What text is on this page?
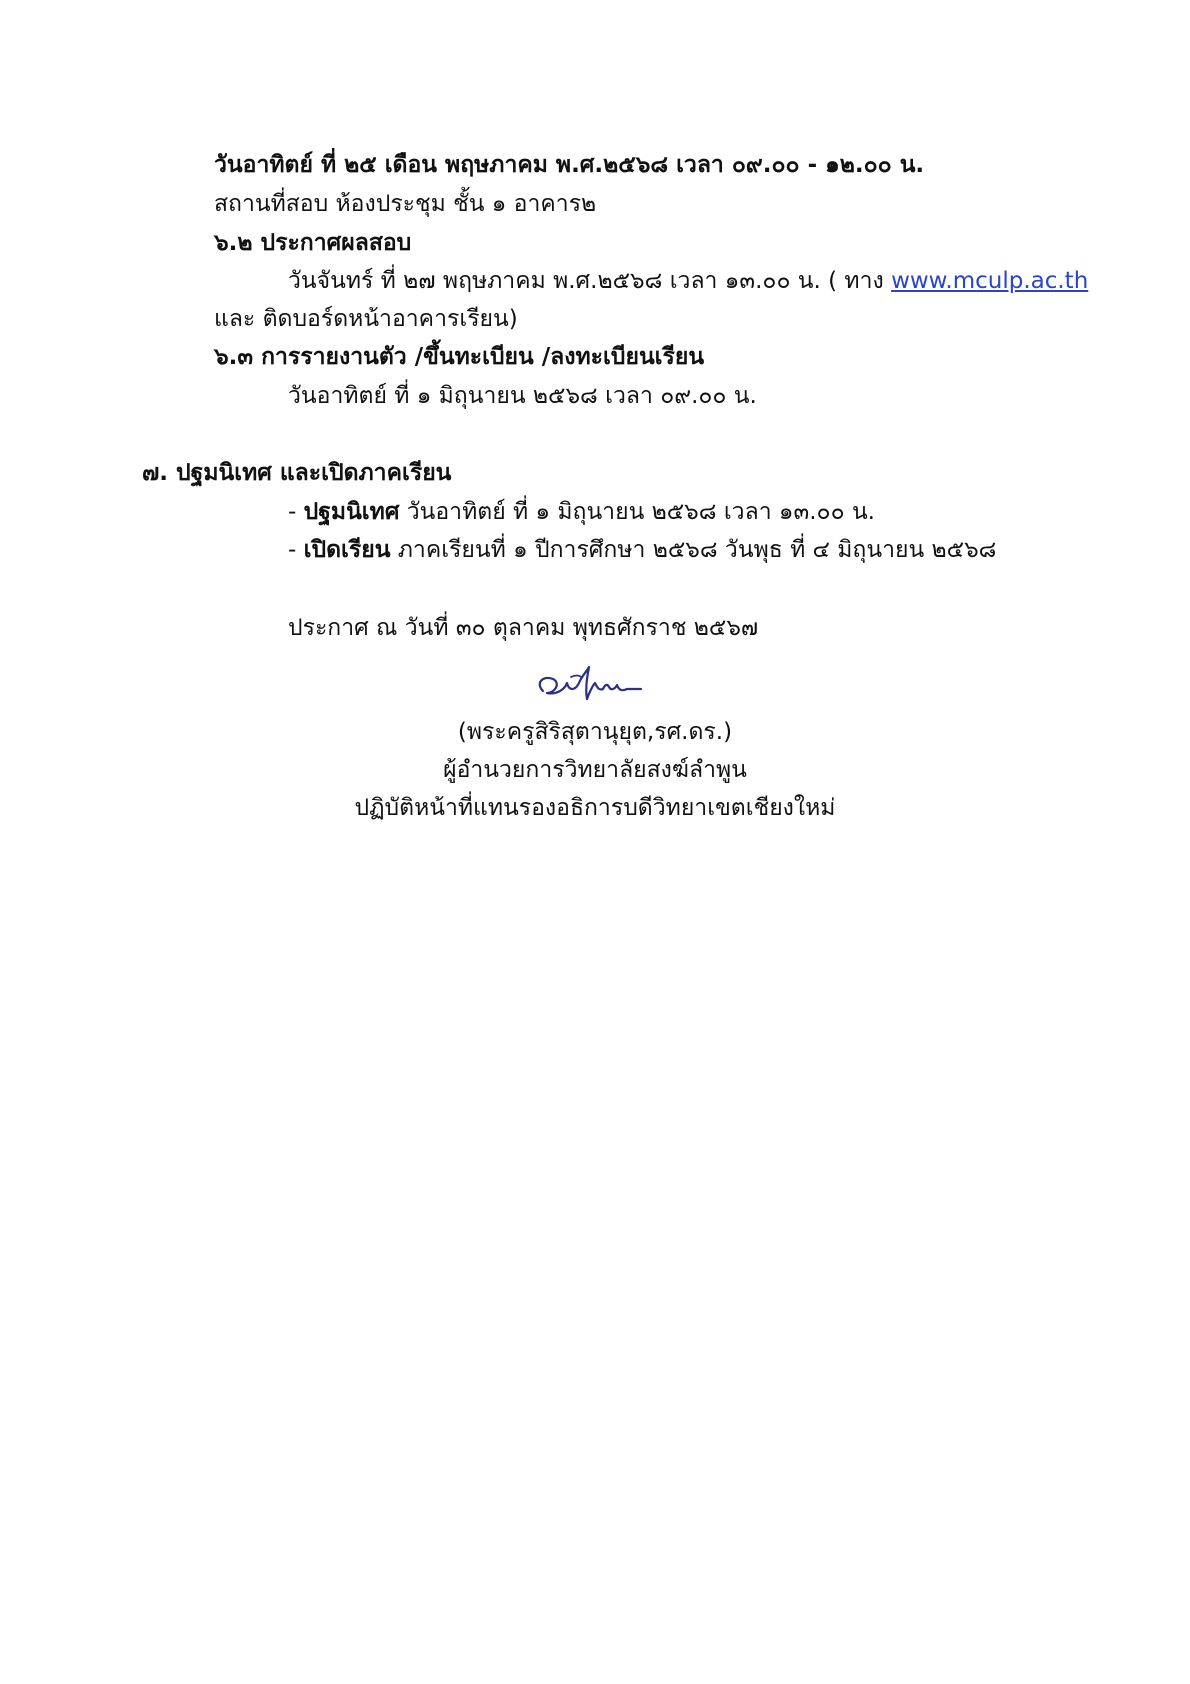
วันอาทิตย์ ที่ ๒๕ เดือน พฤษภาคม พ.ศ.๒๕๖๘ เวลา ๐๙.๐๐ - ๑๒.๐๐ น.
สถานที่สอบ ห้องประชุม ชั้น ๑ อาคาร๒
๖.๒ ประกาศผลสอบ
วันจันทร์ ที่ ๒๗ พฤษภาคม พ.ศ.๒๕๖๘ เวลา ๑๓.๐๐ น. ( ทาง www.mculp.ac.th
และ ติดบอร์ดหน้าอาคารเรียน)
๖.๓ การรายงานตัว /ขึ้นทะเบียน /ลงทะเบียนเรียน
วันอาทิตย์ ที่ ๑ มิถุนายน ๒๕๖๘ เวลา ๐๙.๐๐ น.
๗. ปฐมนิเทศ และเปิดภาคเรียน
- ปฐมนิเทศ วันอาทิตย์ ที่ ๑ มิถุนายน ๒๕๖๘ เวลา ๑๓.๐๐ น.
- เปิดเรียน ภาคเรียนที่ ๑ ปีการศึกษา ๒๕๖๘ วันพุธ ที่ ๔ มิถุนายน ๒๕๖๘
ประกาศ ณ วันที่ ๓๐ ตุลาคม พุทธศักราช ๒๕๖๗
(พระครูสิริสุตานุยุต,รศ.ดร.)
ผู้อำนวยการวิทยาลัยสงฆ์ลำพูน
ปฏิบัติหน้าที่แทนรองอธิการบดีวิทยาเขตเชียงใหม่
